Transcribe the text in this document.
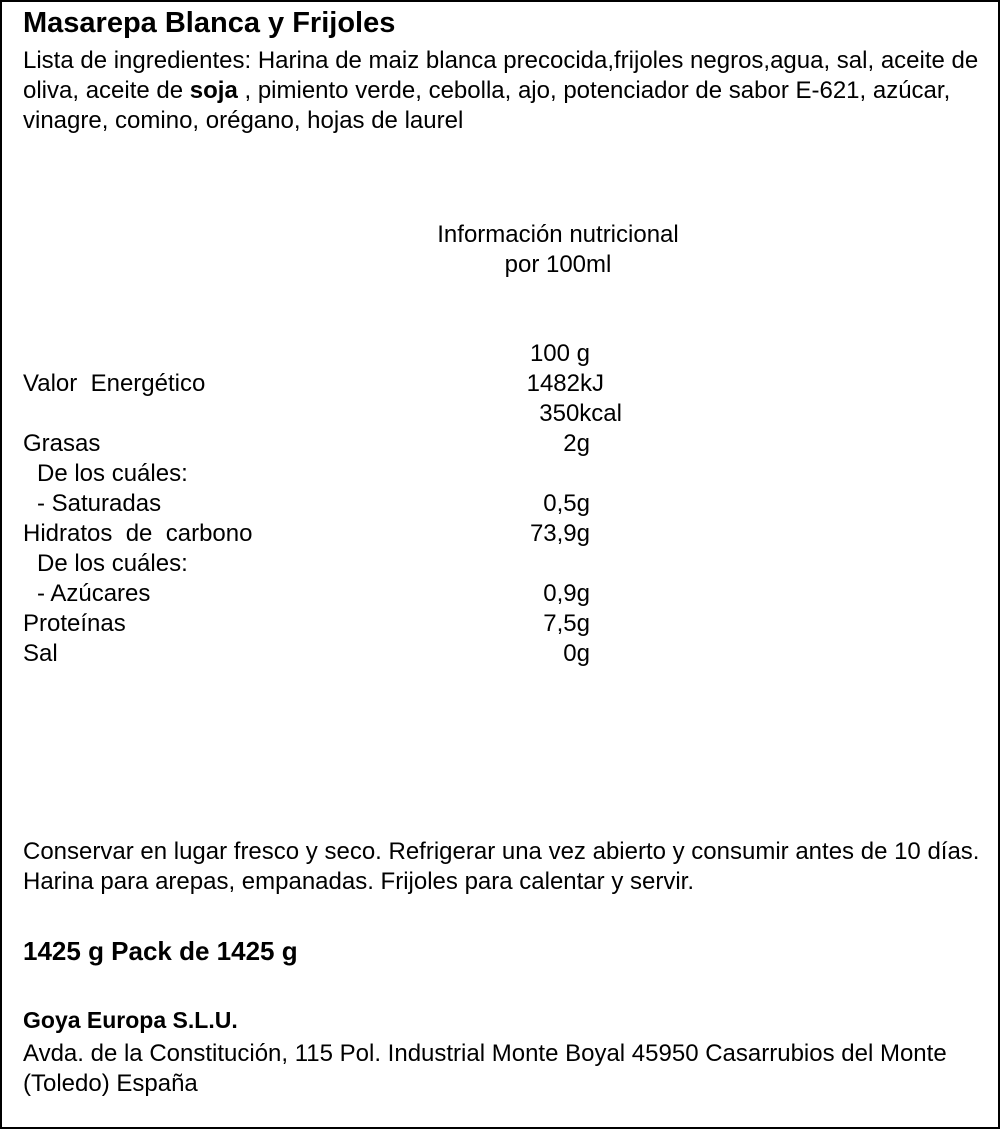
Masarepa Blanca y Frijoles
Lista de ingredientes: Harina de maiz blanca precocida,frijoles negros,agua, sal, aceite de oliva, aceite de soja , pimiento verde, cebolla, ajo, potenciador de sabor E-621, azúcar, vinagre, comino, orégano, hojas de laurel
Información nutricional
por 100ml
100 g
Valor  Energético	1482kJ
350kcal
Grasas	2g
De los cuáles:
- Saturadas	0,5g
Hidratos  de  carbono	73,9g
De los cuáles:
- Azúcares	0,9g
Proteínas	7,5g
Sal	0g
Conservar en lugar fresco y seco. Refrigerar una vez abierto y consumir antes de 10 días. Harina para arepas, empanadas. Frijoles para calentar y servir.
1425 g Pack de 1425 g
Goya Europa S.L.U.
Avda. de la Constitución, 115 Pol. Industrial Monte Boyal 45950 Casarrubios del Monte (Toledo) España
